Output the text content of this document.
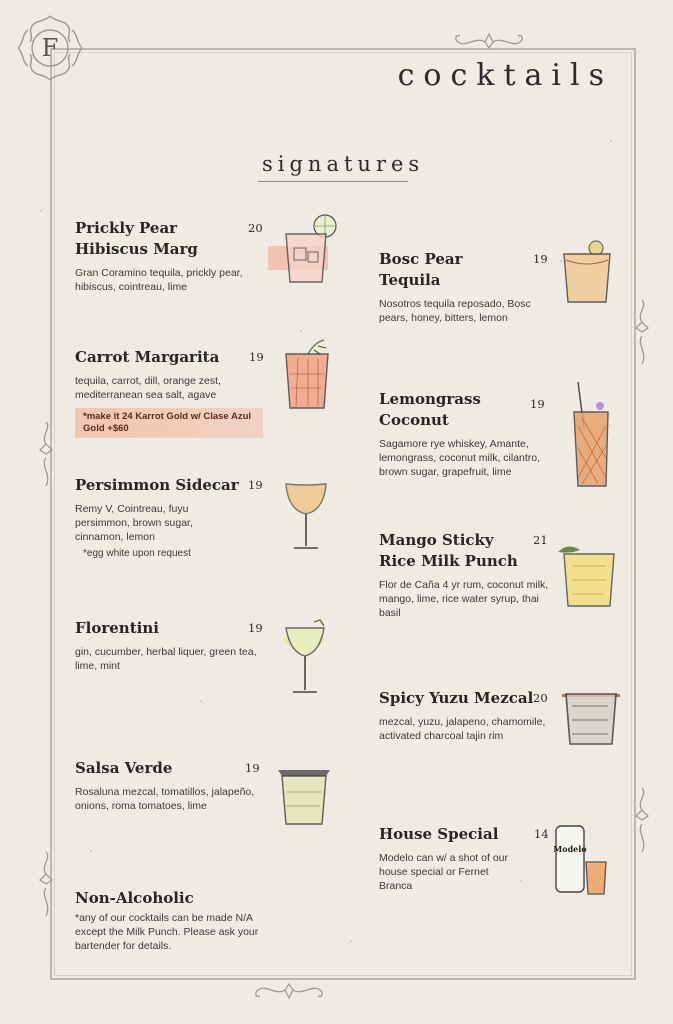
F
cocktails
signatures
Prickly Pear
Hibiscus Marg
20
Gran Coramino tequila, prickly pear, hibiscus, cointreau, lime
Carrot Margarita	19
tequila, carrot, dill, orange zest, mediterranean sea salt, agave
*make it 24 Karrot Gold w/ Clase Azul Gold +$60
Persimmon Sidecar 19
Remy V, Cointreau, fuyu persimmon, brown sugar, cinnamon, lemon
*egg white upon request
Florentini	19
gin, cucumber, herbal liquer, green tea, lime, mint
Salsa Verde	19
Rosaluna mezcal, tomatillos, jalapeño, onions, roma tomatoes, lime
Non-Alcoholic
*any of our cocktails can be made N/A except the Milk Punch. Please ask your bartender for details.
Bosc Pear
Tequila
19
Nosotros tequila reposado, Bosc pears, honey, bitters, lemon
Lemongrass
Coconut
19
Sagamore rye whiskey, Amante, lemongrass, coconut milk, cilantro, brown sugar, grapefruit, lime
Mango Sticky
Rice Milk Punch
21
Flor de Caña 4 yr rum, coconut milk, mango, lime, rice water syrup, thai basil
Spicy Yuzu Mezcal 20
mezcal, yuzu, jalapeno, chamomile, activated charcoal tajin rim
House Special	14
Modelo can w/ a shot of our house special or Fernet Branca
Modelo
